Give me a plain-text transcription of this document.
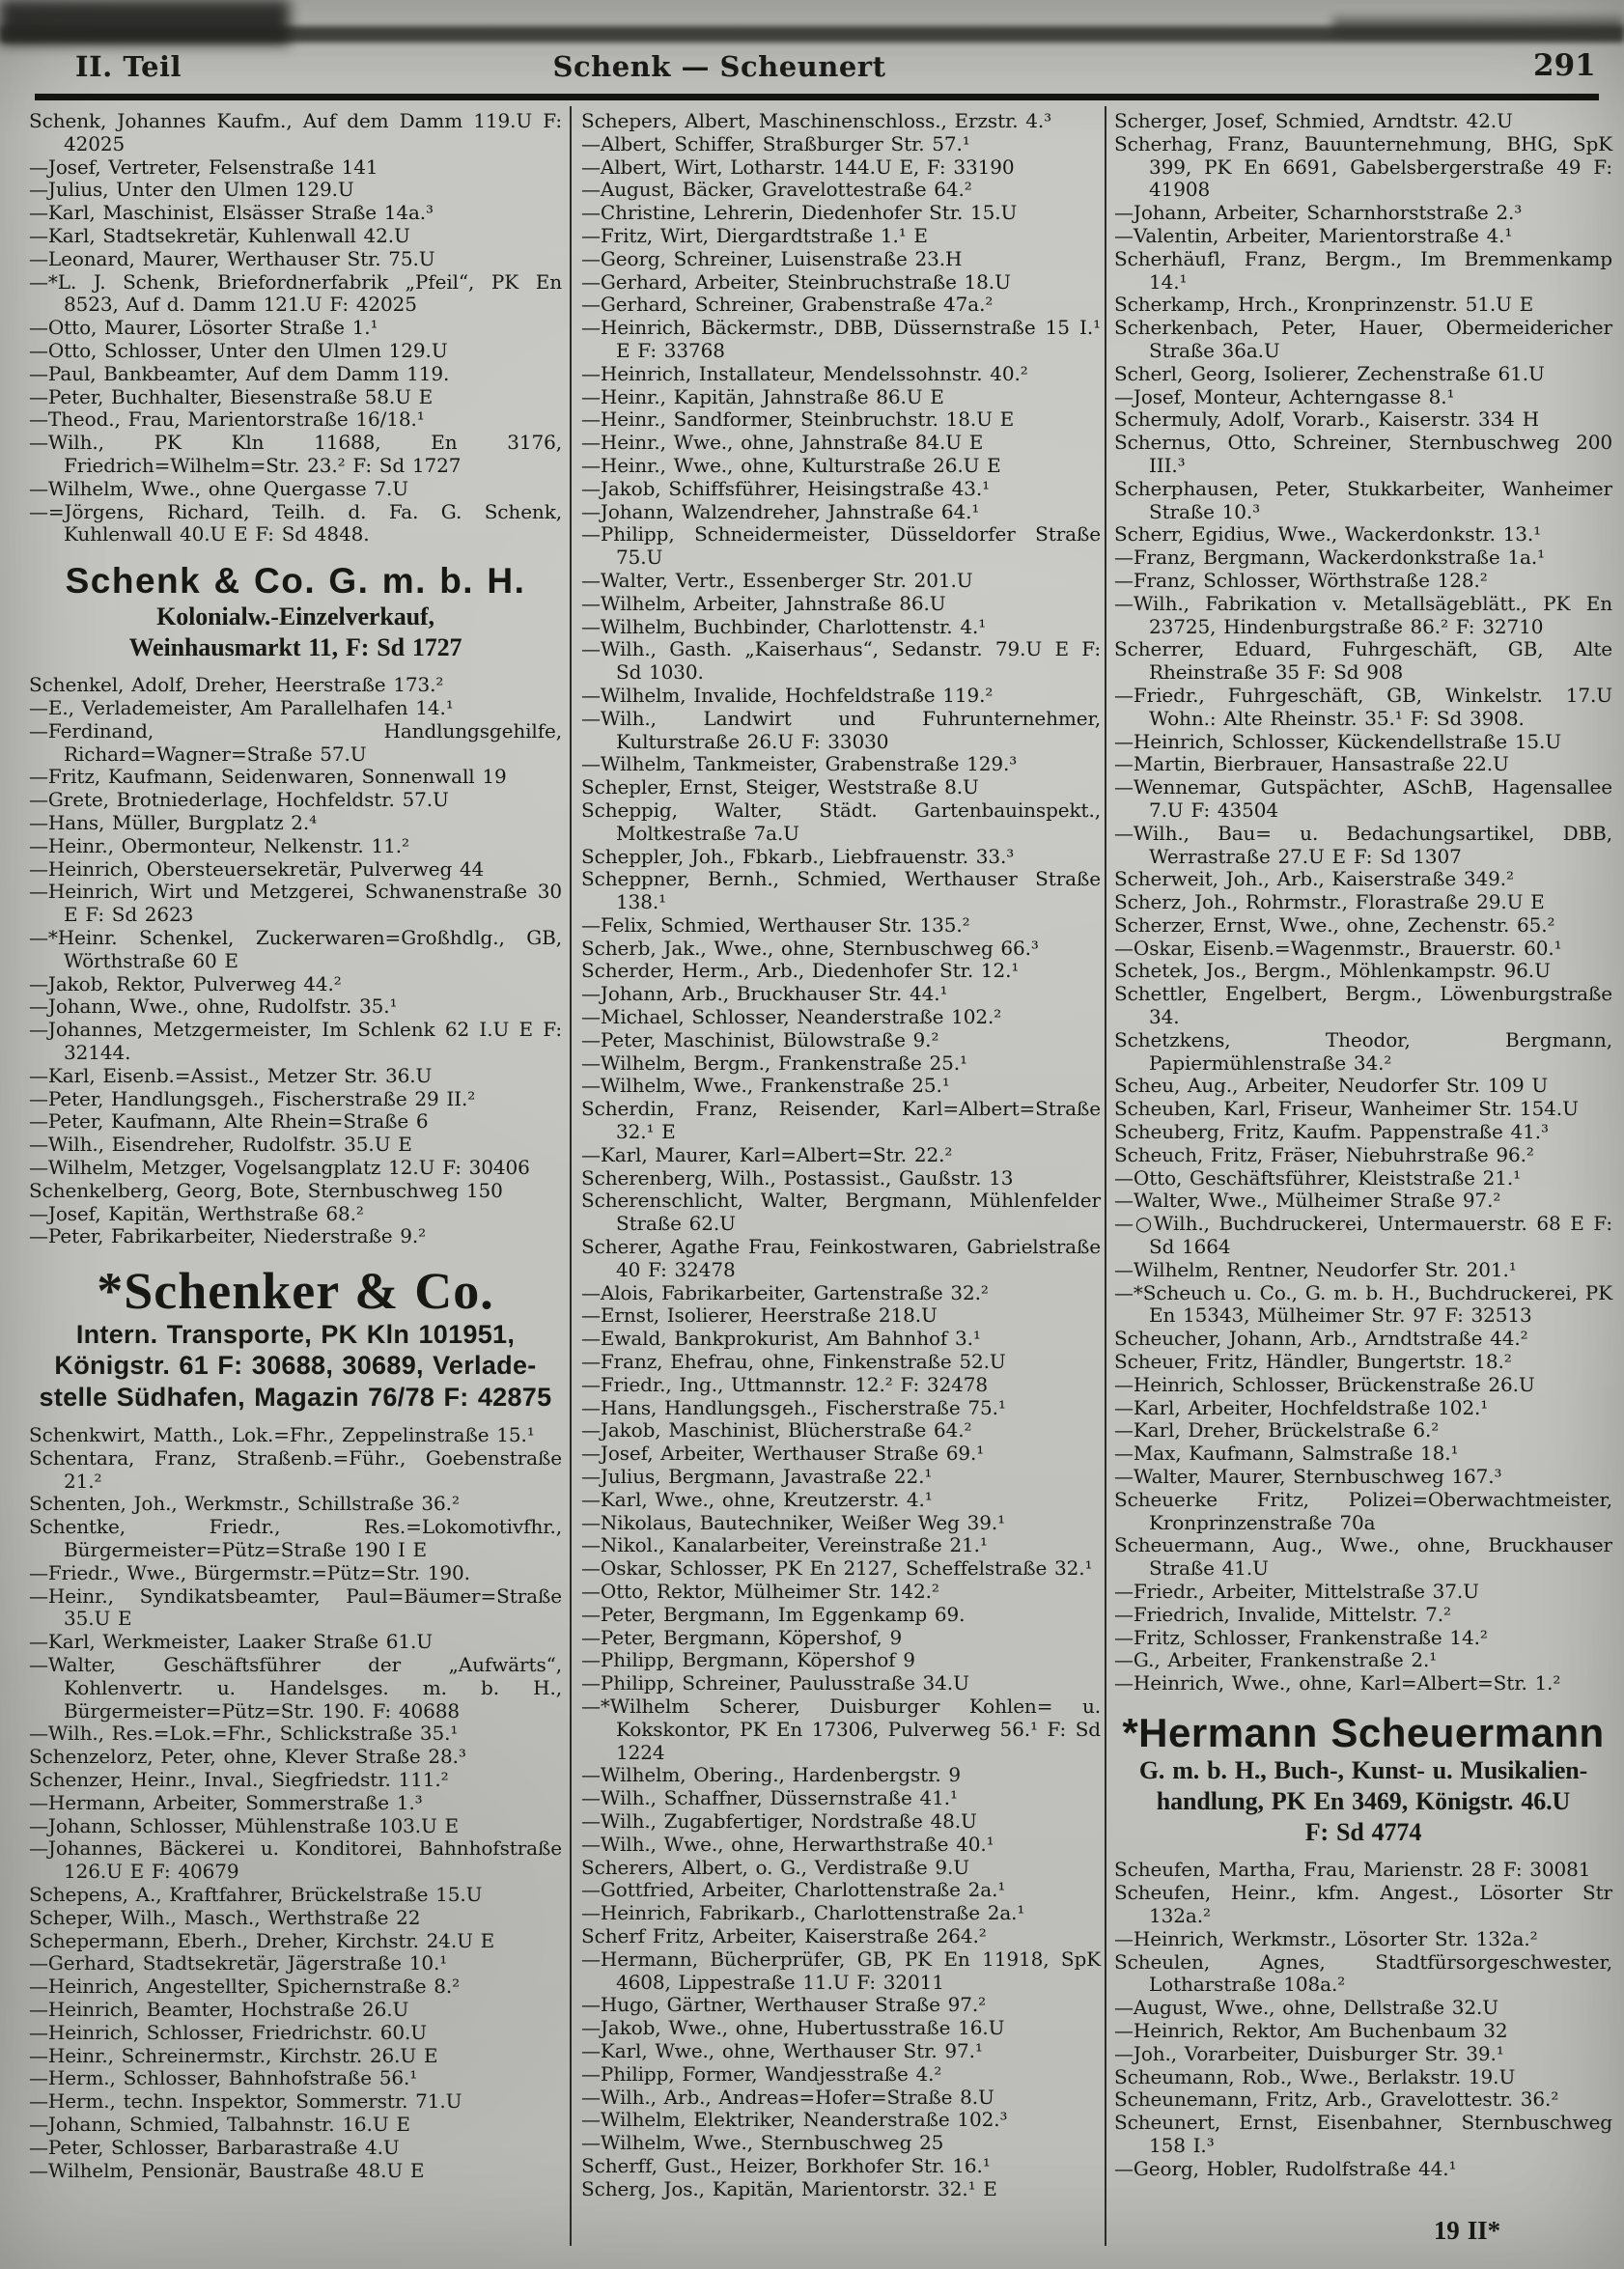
II. Teil	Schenk — Scheunert	291
Schenk, Johannes Kaufm., Auf dem Damm 119.U F: 42025
—Josef, Vertreter, Felsenstraße 141
—Julius, Unter den Ulmen 129.U
—Karl, Maschinist, Elsässer Straße 14a.³
—Karl, Stadtsekretär, Kuhlenwall 42.U
—Leonard, Maurer, Werthauser Str. 75.U
—*L. J. Schenk, Briefordnerfabrik „Pfeil“, PK En 8523, Auf d. Damm 121.U F: 42025
—Otto, Maurer, Lösorter Straße 1.¹
—Otto, Schlosser, Unter den Ulmen 129.U
—Paul, Bankbeamter, Auf dem Damm 119.
—Peter, Buchhalter, Biesenstraße 58.U E
—Theod., Frau, Marientorstraße 16/18.¹
—Wilh., PK Kln 11688, En 3176, Friedrich=Wilhelm=Str. 23.² F: Sd 1727
—Wilhelm, Wwe., ohne Quergasse 7.U
—=Jörgens, Richard, Teilh. d. Fa. G. Schenk, Kuhlenwall 40.U E F: Sd 4848.
Schenk & Co. G. m. b. H.
Kolonialw.-Einzelverkauf,
Weinhausmarkt 11, F: Sd 1727
Schenkel, Adolf, Dreher, Heerstraße 173.²
—E., Verlademeister, Am Parallelhafen 14.¹
—Ferdinand, Handlungsgehilfe, Richard=Wagner=Straße 57.U
—Fritz, Kaufmann, Seidenwaren, Sonnenwall 19
—Grete, Brotniederlage, Hochfeldstr. 57.U
—Hans, Müller, Burgplatz 2.⁴
—Heinr., Obermonteur, Nelkenstr. 11.²
—Heinrich, Obersteuersekretär, Pulverweg 44
—Heinrich, Wirt und Metzgerei, Schwanenstraße 30 E F: Sd 2623
—*Heinr. Schenkel, Zuckerwaren=Großhdlg., GB, Wörthstraße 60 E
—Jakob, Rektor, Pulverweg 44.²
—Johann, Wwe., ohne, Rudolfstr. 35.¹
—Johannes, Metzgermeister, Im Schlenk 62 I.U E F: 32144.
—Karl, Eisenb.=Assist., Metzer Str. 36.U
—Peter, Handlungsgeh., Fischerstraße 29 II.²
—Peter, Kaufmann, Alte Rhein=Straße 6
—Wilh., Eisendreher, Rudolfstr. 35.U E
—Wilhelm, Metzger, Vogelsangplatz 12.U F: 30406
Schenkelberg, Georg, Bote, Sternbuschweg 150
—Josef, Kapitän, Werthstraße 68.²
—Peter, Fabrikarbeiter, Niederstraße 9.²
*Schenker & Co.
Intern. Transporte, PK Kln 101951,
Königstr. 61 F: 30688, 30689, Verlade-
stelle Südhafen, Magazin 76/78 F: 42875
Schenkwirt, Matth., Lok.=Fhr., Zeppelinstraße 15.¹
Schentara, Franz, Straßenb.=Führ., Goebenstraße 21.²
Schenten, Joh., Werkmstr., Schillstraße 36.²
Schentke, Friedr., Res.=Lokomotivfhr., Bürgermeister=Pütz=Straße 190 I E
—Friedr., Wwe., Bürgermstr.=Pütz=Str. 190.
—Heinr., Syndikatsbeamter, Paul=Bäumer=Straße 35.U E
—Karl, Werkmeister, Laaker Straße 61.U
—Walter, Geschäftsführer der „Aufwärts“, Kohlenvertr. u. Handelsges. m. b. H., Bürgermeister=Pütz=Str. 190. F: 40688
—Wilh., Res.=Lok.=Fhr., Schlickstraße 35.¹
Schenzelorz, Peter, ohne, Klever Straße 28.³
Schenzer, Heinr., Inval., Siegfriedstr. 111.²
—Hermann, Arbeiter, Sommerstraße 1.³
—Johann, Schlosser, Mühlenstraße 103.U E
—Johannes, Bäckerei u. Konditorei, Bahnhofstraße 126.U E F: 40679
Schepens, A., Kraftfahrer, Brückelstraße 15.U
Scheper, Wilh., Masch., Werthstraße 22
Schepermann, Eberh., Dreher, Kirchstr. 24.U E
—Gerhard, Stadtsekretär, Jägerstraße 10.¹
—Heinrich, Angestellter, Spichernstraße 8.²
—Heinrich, Beamter, Hochstraße 26.U
—Heinrich, Schlosser, Friedrichstr. 60.U
—Heinr., Schreinermstr., Kirchstr. 26.U E
—Herm., Schlosser, Bahnhofstraße 56.¹
—Herm., techn. Inspektor, Sommerstr. 71.U
—Johann, Schmied, Talbahnstr. 16.U E
—Peter, Schlosser, Barbarastraße 4.U
—Wilhelm, Pensionär, Baustraße 48.U E
Schepers, Albert, Maschinenschloss., Erzstr. 4.³
—Albert, Schiffer, Straßburger Str. 57.¹
—Albert, Wirt, Lotharstr. 144.U E, F: 33190
—August, Bäcker, Gravelottestraße 64.²
—Christine, Lehrerin, Diedenhofer Str. 15.U
—Fritz, Wirt, Diergardtstraße 1.¹ E
—Georg, Schreiner, Luisenstraße 23.H
—Gerhard, Arbeiter, Steinbruchstraße 18.U
—Gerhard, Schreiner, Grabenstraße 47a.²
—Heinrich, Bäckermstr., DBB, Düssernstraße 15 I.¹ E F: 33768
—Heinrich, Installateur, Mendelssohnstr. 40.²
—Heinr., Kapitän, Jahnstraße 86.U E
—Heinr., Sandformer, Steinbruchstr. 18.U E
—Heinr., Wwe., ohne, Jahnstraße 84.U E
—Heinr., Wwe., ohne, Kulturstraße 26.U E
—Jakob, Schiffsführer, Heisingstraße 43.¹
—Johann, Walzendreher, Jahnstraße 64.¹
—Philipp, Schneidermeister, Düsseldorfer Straße 75.U
—Walter, Vertr., Essenberger Str. 201.U
—Wilhelm, Arbeiter, Jahnstraße 86.U
—Wilhelm, Buchbinder, Charlottenstr. 4.¹
—Wilh., Gasth. „Kaiserhaus“, Sedanstr. 79.U E F: Sd 1030.
—Wilhelm, Invalide, Hochfeldstraße 119.²
—Wilh., Landwirt und Fuhrunternehmer, Kulturstraße 26.U F: 33030
—Wilhelm, Tankmeister, Grabenstraße 129.³
Schepler, Ernst, Steiger, Weststraße 8.U
Scheppig, Walter, Städt. Gartenbauinspekt., Moltkestraße 7a.U
Scheppler, Joh., Fbkarb., Liebfrauenstr. 33.³
Scheppner, Bernh., Schmied, Werthauser Straße 138.¹
—Felix, Schmied, Werthauser Str. 135.²
Scherb, Jak., Wwe., ohne, Sternbuschweg 66.³
Scherder, Herm., Arb., Diedenhofer Str. 12.¹
—Johann, Arb., Bruckhauser Str. 44.¹
—Michael, Schlosser, Neanderstraße 102.²
—Peter, Maschinist, Bülowstraße 9.²
—Wilhelm, Bergm., Frankenstraße 25.¹
—Wilhelm, Wwe., Frankenstraße 25.¹
Scherdin, Franz, Reisender, Karl=Albert=Straße 32.¹ E
—Karl, Maurer, Karl=Albert=Str. 22.²
Scherenberg, Wilh., Postassist., Gaußstr. 13
Scherenschlicht, Walter, Bergmann, Mühlenfelder Straße 62.U
Scherer, Agathe Frau, Feinkostwaren, Gabrielstraße 40 F: 32478
—Alois, Fabrikarbeiter, Gartenstraße 32.²
—Ernst, Isolierer, Heerstraße 218.U
—Ewald, Bankprokurist, Am Bahnhof 3.¹
—Franz, Ehefrau, ohne, Finkenstraße 52.U
—Friedr., Ing., Uttmannstr. 12.² F: 32478
—Hans, Handlungsgeh., Fischerstraße 75.¹
—Jakob, Maschinist, Blücherstraße 64.²
—Josef, Arbeiter, Werthauser Straße 69.¹
—Julius, Bergmann, Javastraße 22.¹
—Karl, Wwe., ohne, Kreutzerstr. 4.¹
—Nikolaus, Bautechniker, Weißer Weg 39.¹
—Nikol., Kanalarbeiter, Vereinstraße 21.¹
—Oskar, Schlosser, PK En 2127, Scheffelstraße 32.¹
—Otto, Rektor, Mülheimer Str. 142.²
—Peter, Bergmann, Im Eggenkamp 69.
—Peter, Bergmann, Köpershof, 9
—Philipp, Bergmann, Köpershof 9
—Philipp, Schreiner, Paulusstraße 34.U
—*Wilhelm Scherer, Duisburger Kohlen= u. Kokskontor, PK En 17306, Pulverweg 56.¹ F: Sd 1224
—Wilhelm, Obering., Hardenbergstr. 9
—Wilh., Schaffner, Düssernstraße 41.¹
—Wilh., Zugabfertiger, Nordstraße 48.U
—Wilh., Wwe., ohne, Herwarthstraße 40.¹
Scherers, Albert, o. G., Verdistraße 9.U
—Gottfried, Arbeiter, Charlottenstraße 2a.¹
—Heinrich, Fabrikarb., Charlottenstraße 2a.¹
Scherf Fritz, Arbeiter, Kaiserstraße 264.²
—Hermann, Bücherprüfer, GB, PK En 11918, SpK 4608, Lippestraße 11.U F: 32011
—Hugo, Gärtner, Werthauser Straße 97.²
—Jakob, Wwe., ohne, Hubertusstraße 16.U
—Karl, Wwe., ohne, Werthauser Str. 97.¹
—Philipp, Former, Wandjesstraße 4.²
—Wilh., Arb., Andreas=Hofer=Straße 8.U
—Wilhelm, Elektriker, Neanderstraße 102.³
—Wilhelm, Wwe., Sternbuschweg 25
Scherff, Gust., Heizer, Borkhofer Str. 16.¹
Scherg, Jos., Kapitän, Marientorstr. 32.¹ E
Scherger, Josef, Schmied, Arndtstr. 42.U
Scherhag, Franz, Bauunternehmung, BHG, SpK 399, PK En 6691, Gabelsbergerstraße 49 F: 41908
—Johann, Arbeiter, Scharnhorststraße 2.³
—Valentin, Arbeiter, Marientorstraße 4.¹
Scherhäufl, Franz, Bergm., Im Bremmenkamp 14.¹
Scherkamp, Hrch., Kronprinzenstr. 51.U E
Scherkenbach, Peter, Hauer, Obermeidericher Straße 36a.U
Scherl, Georg, Isolierer, Zechenstraße 61.U
—Josef, Monteur, Achterngasse 8.¹
Schermuly, Adolf, Vorarb., Kaiserstr. 334 H
Schernus, Otto, Schreiner, Sternbuschweg 200 III.³
Scherphausen, Peter, Stukkarbeiter, Wanheimer Straße 10.³
Scherr, Egidius, Wwe., Wackerdonkstr. 13.¹
—Franz, Bergmann, Wackerdonkstraße 1a.¹
—Franz, Schlosser, Wörthstraße 128.²
—Wilh., Fabrikation v. Metallsägeblätt., PK En 23725, Hindenburgstraße 86.² F: 32710
Scherrer, Eduard, Fuhrgeschäft, GB, Alte Rheinstraße 35 F: Sd 908
—Friedr., Fuhrgeschäft, GB, Winkelstr. 17.U Wohn.: Alte Rheinstr. 35.¹ F: Sd 3908.
—Heinrich, Schlosser, Kückendellstraße 15.U
—Martin, Bierbrauer, Hansastraße 22.U
—Wennemar, Gutspächter, ASchB, Hagensallee 7.U F: 43504
—Wilh., Bau= u. Bedachungsartikel, DBB, Werrastraße 27.U E F: Sd 1307
Scherweit, Joh., Arb., Kaiserstraße 349.²
Scherz, Joh., Rohrmstr., Florastraße 29.U E
Scherzer, Ernst, Wwe., ohne, Zechenstr. 65.²
—Oskar, Eisenb.=Wagenmstr., Brauerstr. 60.¹
Schetek, Jos., Bergm., Möhlenkampstr. 96.U
Schettler, Engelbert, Bergm., Löwenburgstraße 34.
Schetzkens, Theodor, Bergmann, Papiermühlenstraße 34.²
Scheu, Aug., Arbeiter, Neudorfer Str. 109 U
Scheuben, Karl, Friseur, Wanheimer Str. 154.U
Scheuberg, Fritz, Kaufm. Pappenstraße 41.³
Scheuch, Fritz, Fräser, Niebuhrstraße 96.²
—Otto, Geschäftsführer, Kleiststraße 21.¹
—Walter, Wwe., Mülheimer Straße 97.²
—○Wilh., Buchdruckerei, Untermauerstr. 68 E F: Sd 1664
—Wilhelm, Rentner, Neudorfer Str. 201.¹
—*Scheuch u. Co., G. m. b. H., Buchdruckerei, PK En 15343, Mülheimer Str. 97 F: 32513
Scheucher, Johann, Arb., Arndtstraße 44.²
Scheuer, Fritz, Händler, Bungertstr. 18.²
—Heinrich, Schlosser, Brückenstraße 26.U
—Karl, Arbeiter, Hochfeldstraße 102.¹
—Karl, Dreher, Brückelstraße 6.²
—Max, Kaufmann, Salmstraße 18.¹
—Walter, Maurer, Sternbuschweg 167.³
Scheuerke Fritz, Polizei=Oberwachtmeister, Kronprinzenstraße 70a
Scheuermann, Aug., Wwe., ohne, Bruckhauser Straße 41.U
—Friedr., Arbeiter, Mittelstraße 37.U
—Friedrich, Invalide, Mittelstr. 7.²
—Fritz, Schlosser, Frankenstraße 14.²
—G., Arbeiter, Frankenstraße 2.¹
—Heinrich, Wwe., ohne, Karl=Albert=Str. 1.²
*Hermann Scheuermann
G. m. b. H., Buch-, Kunst- u. Musikalien-
handlung, PK En 3469, Königstr. 46.U
F: Sd 4774
Scheufen, Martha, Frau, Marienstr. 28 F: 30081
Scheufen, Heinr., kfm. Angest., Lösorter Str 132a.²
—Heinrich, Werkmstr., Lösorter Str. 132a.²
Scheulen, Agnes, Stadtfürsorgeschwester, Lotharstraße 108a.²
—August, Wwe., ohne, Dellstraße 32.U
—Heinrich, Rektor, Am Buchenbaum 32
—Joh., Vorarbeiter, Duisburger Str. 39.¹
Scheumann, Rob., Wwe., Berlakstr. 19.U
Scheunemann, Fritz, Arb., Gravelottestr. 36.²
Scheunert, Ernst, Eisenbahner, Sternbuschweg 158 I.³
—Georg, Hobler, Rudolfstraße 44.¹
19 II*
